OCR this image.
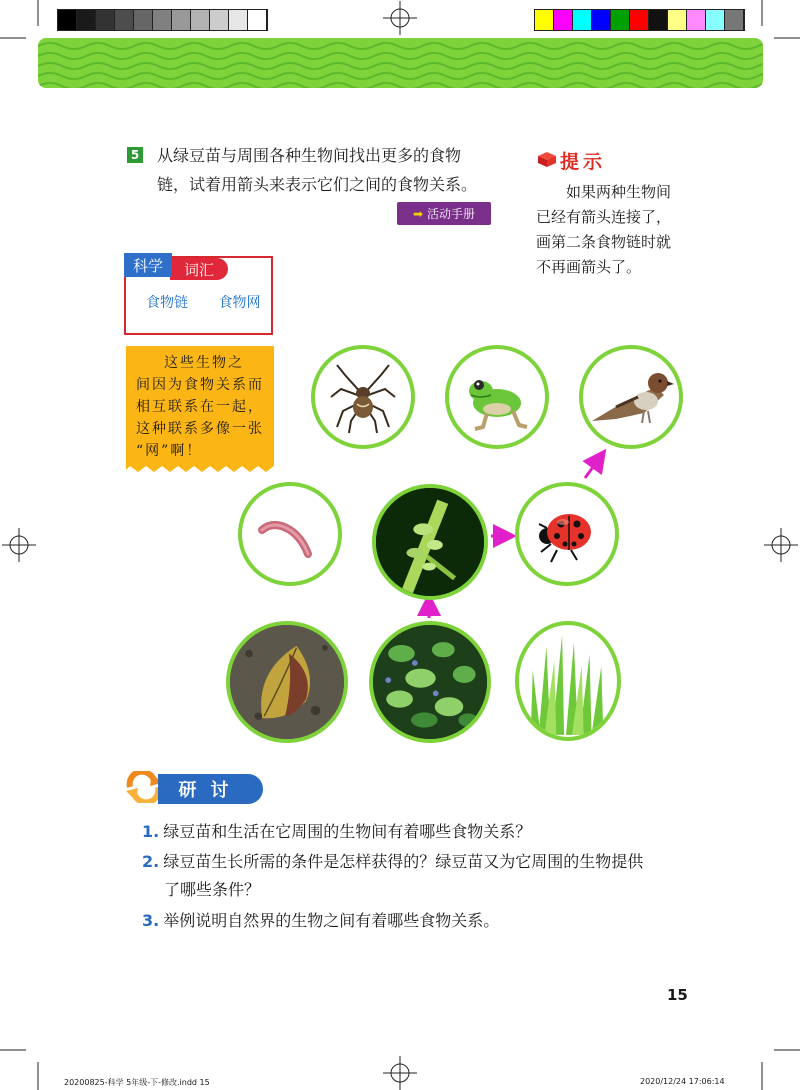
5 从绿豆苗与周围各种生物间找出更多的食物
链，试着用箭头来表示它们之间的食物关系。
➡ 活动手册
提示
如果两种生物间
已经有箭头连接了，
画第二条食物链时就
不再画箭头了。
词汇
科学
食物链 食物网
这些生物之
间因为食物关系而
相互联系在一起，
这种联系多像一张
“网”啊！
研讨
1. 绿豆苗和生活在它周围的生物间有着哪些食物关系？
2. 绿豆苗生长所需的条件是怎样获得的？绿豆苗又为它周围的生物提供
了哪些条件？
3. 举例说明自然界的生物之间有着哪些食物关系。
15
20200825-科学 5年级-下-修改.indd 15	2020/12/24 17:06:14
